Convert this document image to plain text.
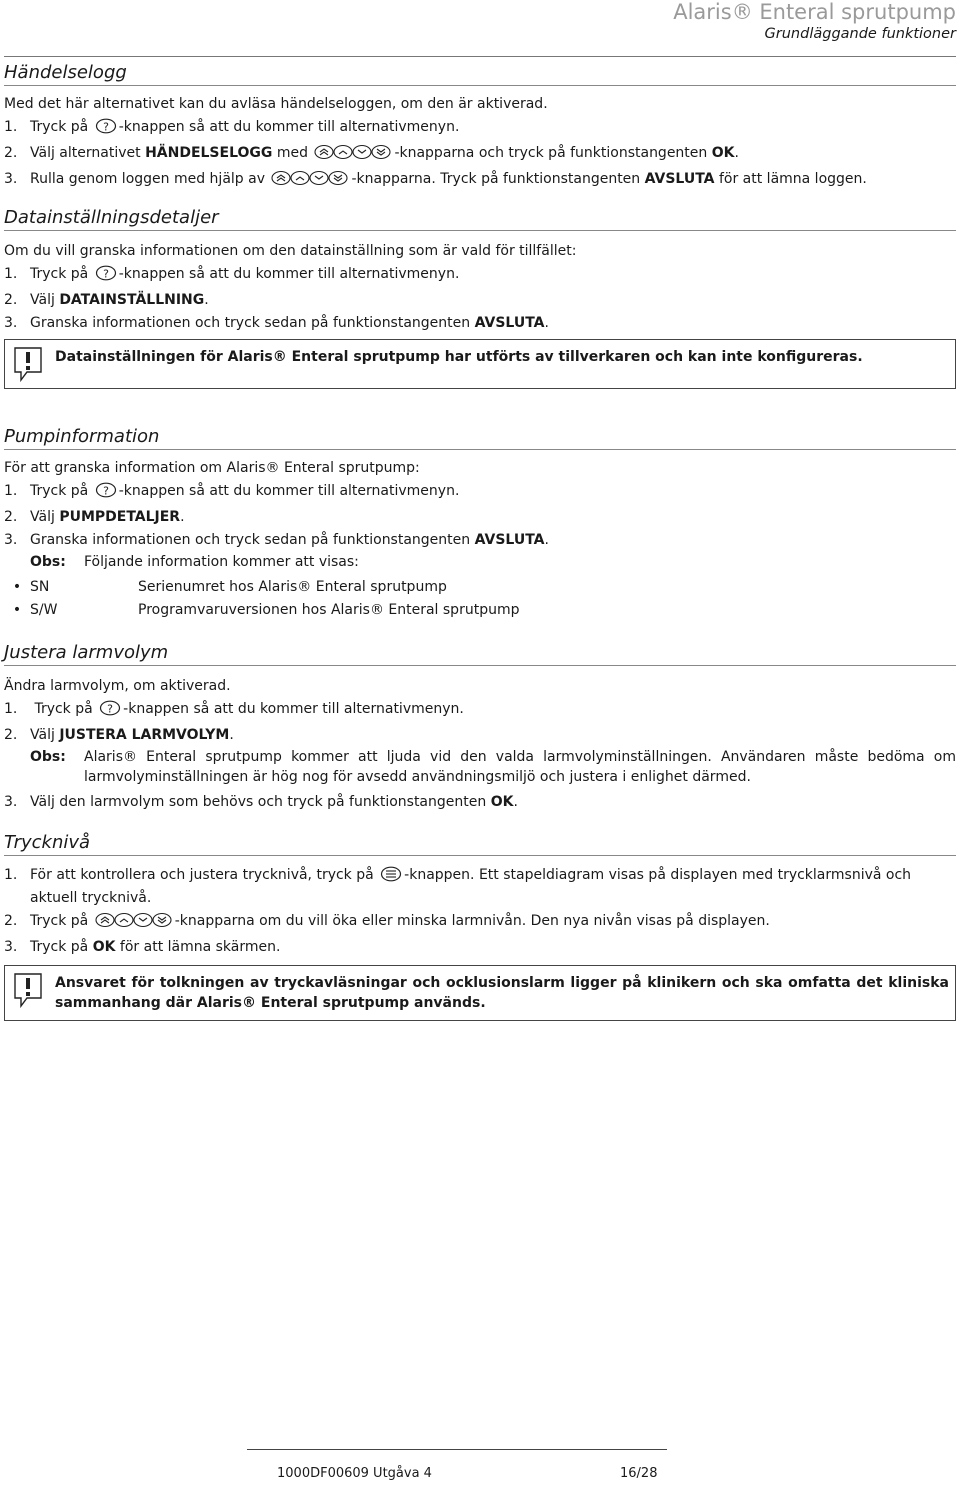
Alaris® Enteral sprutpump
Grundläggande funktioner
Händelselogg
Med det här alternativet kan du avläsa händelseloggen, om den är aktiverad.
1. Tryck på ? -knappen så att du kommer till alternativmenyn.
2. Välj alternativet HÄNDELSELOGG med	-knapparna och tryck på funktionstangenten OK.
3. Rulla genom loggen med hjälp av	-knapparna. Tryck på funktionstangenten AVSLUTA för att lämna loggen.
Datainställningsdetaljer
Om du vill granska informationen om den datainställning som är vald för tillfället:
1. Tryck på ? -knappen så att du kommer till alternativmenyn.
2. Välj DATAINSTÄLLNING.
3. Granska informationen och tryck sedan på funktionstangenten AVSLUTA.
Datainställningen för Alaris® Enteral sprutpump har utförts av tillverkaren och kan inte konfigureras.
Pumpinformation
För att granska information om Alaris® Enteral sprutpump:
1. Tryck på ? -knappen så att du kommer till alternativmenyn.
2. Välj PUMPDETALJER.
3. Granska informationen och tryck sedan på funktionstangenten AVSLUTA.
Obs:	Följande information kommer att visas:
• SN	Serienumret hos Alaris® Enteral sprutpump
• S/W	Programvaruversionen hos Alaris® Enteral sprutpump
Justera larmvolym
Ändra larmvolym, om aktiverad.
1. Tryck på ? -knappen så att du kommer till alternativmenyn.
2. Välj JUSTERA LARMVOLYM.
Obs:	Alaris® Enteral sprutpump kommer att ljuda vid den valda larmvolyminställningen. Användaren måste bedöma om larmvolyminställningen är hög nog för avsedd användningsmiljö och justera i enlighet därmed.
3. Välj den larmvolym som behövs och tryck på funktionstangenten OK.
Trycknivå
1. För att kontrollera och justera trycknivå, tryck på -knappen. Ett stapeldiagram visas på displayen med trycklarmsnivå och aktuell trycknivå.
2. Tryck på	-knapparna om du vill öka eller minska larmnivån. Den nya nivån visas på displayen.
3. Tryck på OK för att lämna skärmen.
Ansvaret för tolkningen av tryckavläsningar och ocklusionslarm ligger på klinikern och ska omfatta det kliniska sammanhang där Alaris® Enteral sprutpump används.
1000DF00609 Utgåva 4	16/28
